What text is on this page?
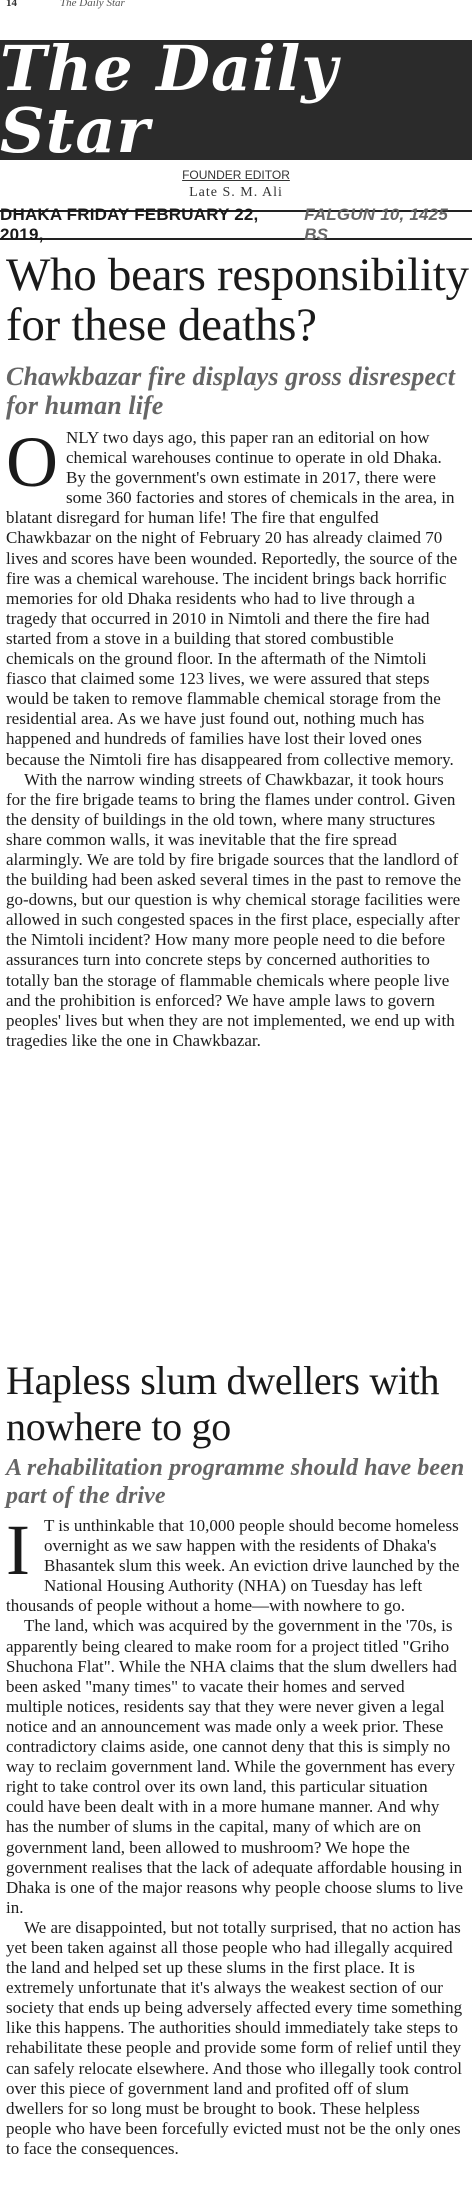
14	The Daily Star
The Daily Star
FOUNDER EDITOR
Late S. M. Ali
DHAKA FRIDAY FEBRUARY 22, 2019,
FALGUN 10, 1425 BS
Who bears responsibility for these deaths?
Chawkbazar fire displays gross disrespect for human life

ONLY two days ago, this paper ran an editorial on how chemical warehouses continue to operate in old Dhaka. By the government's own estimate in 2017, there were some 360 factories and stores of chemicals in the area, in blatant disregard for human life! The fire that engulfed Chawkbazar on the night of February 20 has already claimed 70 lives and scores have been wounded. Reportedly, the source of the fire was a chemical warehouse. The incident brings back horrific memories for old Dhaka residents who had to live through a tragedy that occurred in 2010 in Nimtoli and there the fire had started from a stove in a building that stored combustible chemicals on the ground floor. In the aftermath of the Nimtoli fiasco that claimed some 123 lives, we were assured that steps would be taken to remove flammable chemical storage from the residential area. As we have just found out, nothing much has happened and hundreds of families have lost their loved ones because the Nimtoli fire has disappeared from collective memory.

With the narrow winding streets of Chawkbazar, it took hours for the fire brigade teams to bring the flames under control. Given the density of buildings in the old town, where many structures share common walls, it was inevitable that the fire spread alarmingly. We are told by fire brigade sources that the landlord of the building had been asked several times in the past to remove the go-downs, but our question is why chemical storage facilities were allowed in such congested spaces in the first place, especially after the Nimtoli incident? How many more people need to die before assurances turn into concrete steps by concerned authorities to totally ban the storage of flammable chemicals where people live and the prohibition is enforced? We have ample laws to govern peoples' lives but when they are not implemented, we end up with tragedies like the one in Chawkbazar.

Hapless slum dwellers with nowhere to go
A rehabilitation programme should have been part of the drive

I T is unthinkable that 10,000 people should become homeless overnight as we saw happen with the residents of Dhaka's Bhasantek slum this week. An eviction drive launched by the National Housing Authority (NHA) on Tuesday has left thousands of people without a home—with nowhere to go.

The land, which was acquired by the government in the '70s, is apparently being cleared to make room for a project titled "Griho Shuchona Flat". While the NHA claims that the slum dwellers had been asked "many times" to vacate their homes and served multiple notices, residents say that they were never given a legal notice and an announcement was made only a week prior. These contradictory claims aside, one cannot deny that this is simply no way to reclaim government land. While the government has every right to take control over its own land, this particular situation could have been dealt with in a more humane manner. And why has the number of slums in the capital, many of which are on government land, been allowed to mushroom? We hope the government realises that the lack of adequate affordable housing in Dhaka is one of the major reasons why people choose slums to live in.

We are disappointed, but not totally surprised, that no action has yet been taken against all those people who had illegally acquired the land and helped set up these slums in the first place. It is extremely unfortunate that it's always the weakest section of our society that ends up being adversely affected every time something like this happens. The authorities should immediately take steps to rehabilitate these people and provide some form of relief until they can safely relocate elsewhere. And those who illegally took control over this piece of government land and profited off of slum dwellers for so long must be brought to book. These helpless people who have been forcefully evicted must not be the only ones to face the consequences.
